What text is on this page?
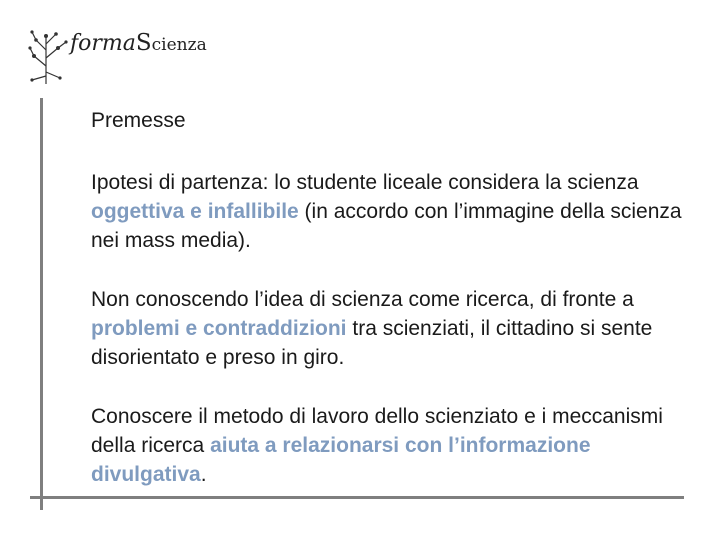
formaScienza
Premesse

Ipotesi di partenza: lo studente liceale considera la scienza oggettiva e infallibile (in accordo con l’immagine della scienza nei mass media).

Non conoscendo l’idea di scienza come ricerca, di fronte a problemi e contraddizioni tra scienziati, il cittadino si sente disorientato e preso in giro.

Conoscere il metodo di lavoro dello scienziato e i meccanismi della ricerca aiuta a relazionarsi con l’informazione divulgativa.
